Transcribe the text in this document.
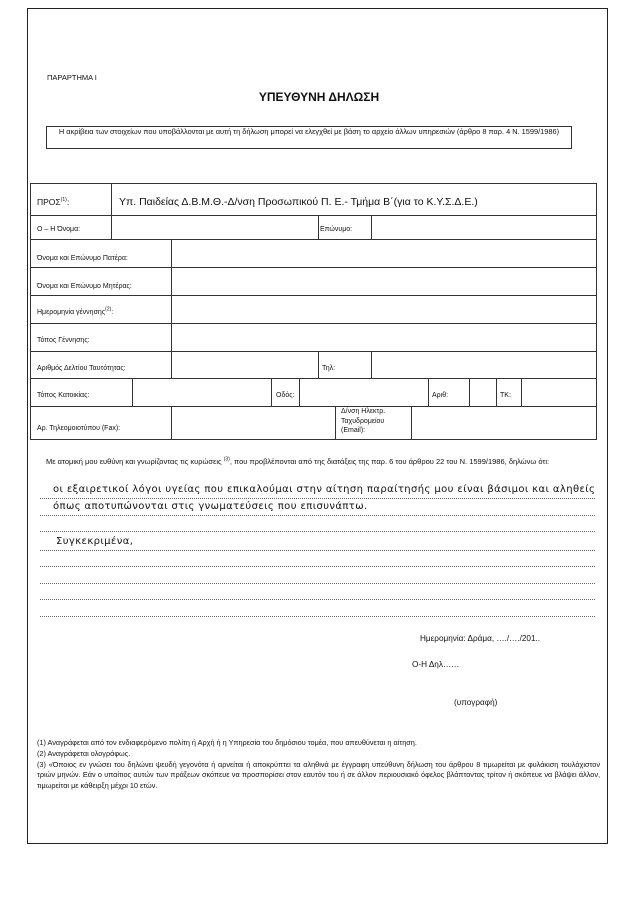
ΠΑΡΑΡΤΗΜΑ Ι
ΥΠΕΥΘΥΝΗ ΔΗΛΩΣΗ
Η ακρίβεια των στοιχείων που υποβάλλονται με αυτή τη δήλωση μπορεί να ελεγχθεί με βάση το αρχείο άλλων υπηρεσιών (άρθρο 8 παρ. 4 Ν. 1599/1986)
ΠΡΟΣ$^{(1)}$:	Υπ. Παιδείας Δ.Β.Μ.Θ.-Δ/νση Προσωπικού Π. Ε.- Τμήμα Β΄(για το Κ.Υ.Σ.Δ.Ε.)
Ο – Η Όνομα:	Επώνυμο:
Όνομα και Επώνυμο Πατέρα:
Όνομα και Επώνυμο Μητέρας:
Ημερομηνία γέννησης$^{(2)}$:
Τόπος Γέννησης:
Αριθμός Δελτίου Ταυτότητας:	Τηλ:
Τόπος Κατοικίας:	Οδός:	Αριθ:	ΤΚ:
Αρ. Τηλεομοιοτύπου (Fax):
Δ/νση Ηλεκτρ.
Ταχυδρομείου
(Email):
Με ατομική μου ευθύνη και γνωρίζοντας τις κυρώσεις $^{(3)}$, που προβλέπονται από της διατάξεις της παρ. 6 του άρθρου 22 του Ν. 1599/1986, δηλώνω ότι:
οι εξαιρετικοί λόγοι υγείας που επικαλούμαι στην αίτηση παραίτησής μου είναι βάσιμοι και αληθείς
όπως αποτυπώνονται στις γνωματεύσεις που επισυνάπτω.
Συγκεκριμένα,
Ημερομηνία: Δράμα, …./…./201..
Ο-Η Δηλ……
(υπογραφή)
(1) Αναγράφεται από τον ενδιαφερόμενο πολίτη ή Αρχή ή η Υπηρεσία του δημόσιου τομέα, που απευθύνεται η αίτηση.
(2) Αναγράφεται ολογράφως.
(3) «Όποιος εν γνώσει του δηλώνει ψευδή γεγονότα ή αρνείται ή αποκρύπτει τα αληθινά με έγγραφη υπεύθυνη δήλωση του άρθρου 8 τιμωρείται με φυλάκιση τουλάχιστον τριών μηνών. Εάν ο υπαίτιος αυτών των πράξεων σκόπευε να προσπορίσει στον εαυτόν του ή σε άλλον περιουσιακό όφελος βλάπτοντας τρίτον ή σκόπευε να βλάψει άλλον, τιμωρείται με κάθειρξη μέχρι 10 ετών.
